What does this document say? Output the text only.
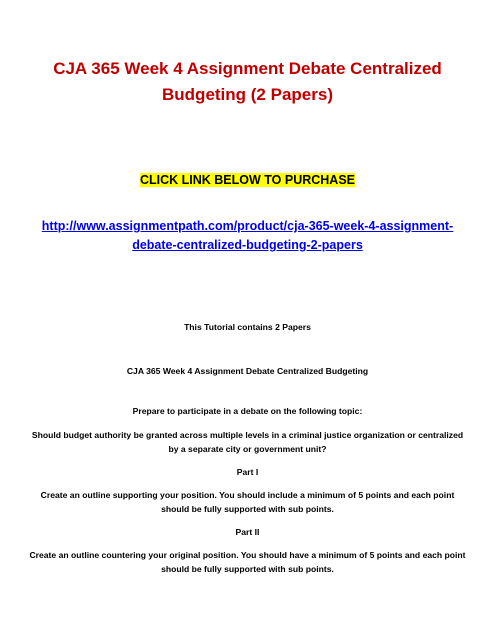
CJA 365 Week 4 Assignment Debate Centralized Budgeting (2 Papers)
CLICK LINK BELOW TO PURCHASE
http://www.assignmentpath.com/product/cja-365-week-4-assignment-debate-centralized-budgeting-2-papers
This Tutorial contains 2 Papers
CJA 365 Week 4 Assignment Debate Centralized Budgeting
Prepare to participate in a debate on the following topic:
Should budget authority be granted across multiple levels in a criminal justice organization or centralized by a separate city or government unit?
Part I
Create an outline supporting your position. You should include a minimum of 5 points and each point should be fully supported with sub points.
Part II
Create an outline countering your original position. You should have a minimum of 5 points and each point should be fully supported with sub points.
